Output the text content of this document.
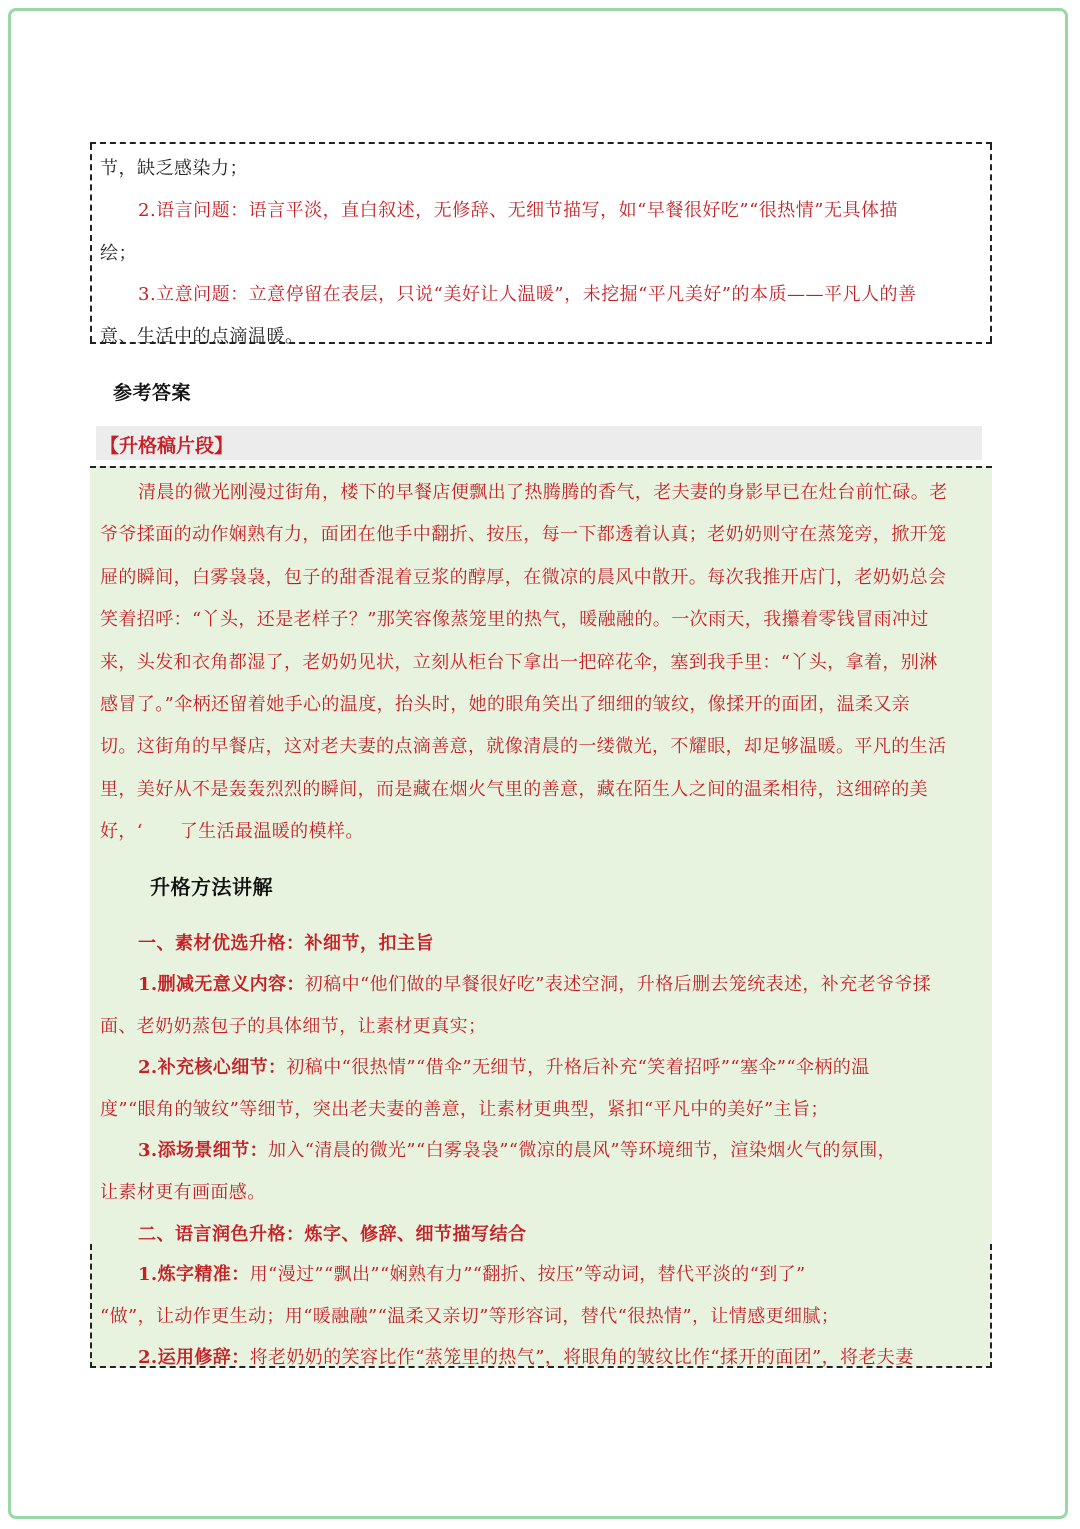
节，缺乏感染力；
2.语言问题：语言平淡，直白叙述，无修辞、无细节描写，如“早餐很好吃”“很热情”无具体描
绘；
3.立意问题：立意停留在表层，只说“美好让人温暖”，未挖掘“平凡美好”的本质——平凡人的善
意、生活中的点滴温暖。
参考答案
【升格稿片段】
清晨的微光刚漫过街角，楼下的早餐店便飘出了热腾腾的香气，老夫妻的身影早已在灶台前忙碌。老
爷爷揉面的动作娴熟有力，面团在他手中翻折、按压，每一下都透着认真；老奶奶则守在蒸笼旁，掀开笼
屉的瞬间，白雾袅袅，包子的甜香混着豆浆的醇厚，在微凉的晨风中散开。每次我推开店门，老奶奶总会
笑着招呼：“丫头，还是老样子？”那笑容像蒸笼里的热气，暖融融的。一次雨天，我攥着零钱冒雨冲过
来，头发和衣角都湿了，老奶奶见状，立刻从柜台下拿出一把碎花伞，塞到我手里：“丫头，拿着，别淋
感冒了。”伞柄还留着她手心的温度，抬头时，她的眼角笑出了细细的皱纹，像揉开的面团，温柔又亲
切。这街角的早餐店，这对老夫妻的点滴善意，就像清晨的一缕微光，不耀眼，却足够温暖。平凡的生活
里，美好从不是轰轰烈烈的瞬间，而是藏在烟火气里的善意，藏在陌生人之间的温柔相待，这细碎的美
好，‘　　了生活最温暖的模样。
升格方法讲解
一、素材优选升格：补细节，扣主旨
1.删减无意义内容：初稿中“他们做的早餐很好吃”表述空洞，升格后删去笼统表述，补充老爷爷揉
面、老奶奶蒸包子的具体细节，让素材更真实；
2.补充核心细节：初稿中“很热情”“借伞”无细节，升格后补充“笑着招呼”“塞伞”“伞柄的温
度”“眼角的皱纹”等细节，突出老夫妻的善意，让素材更典型，紧扣“平凡中的美好”主旨；
3.添场景细节：加入“清晨的微光”“白雾袅袅”“微凉的晨风”等环境细节，渲染烟火气的氛围，
让素材更有画面感。
二、语言润色升格：炼字、修辞、细节描写结合
1.炼字精准：用“漫过”“飘出”“娴熟有力”“翻折、按压”等动词，替代平淡的“到了”
“做”，让动作更生动；用“暖融融”“温柔又亲切”等形容词，替代“很热情”，让情感更细腻；
2.运用修辞：将老奶奶的笑容比作“蒸笼里的热气”，将眼角的皱纹比作“揉开的面团”，将老夫妻
